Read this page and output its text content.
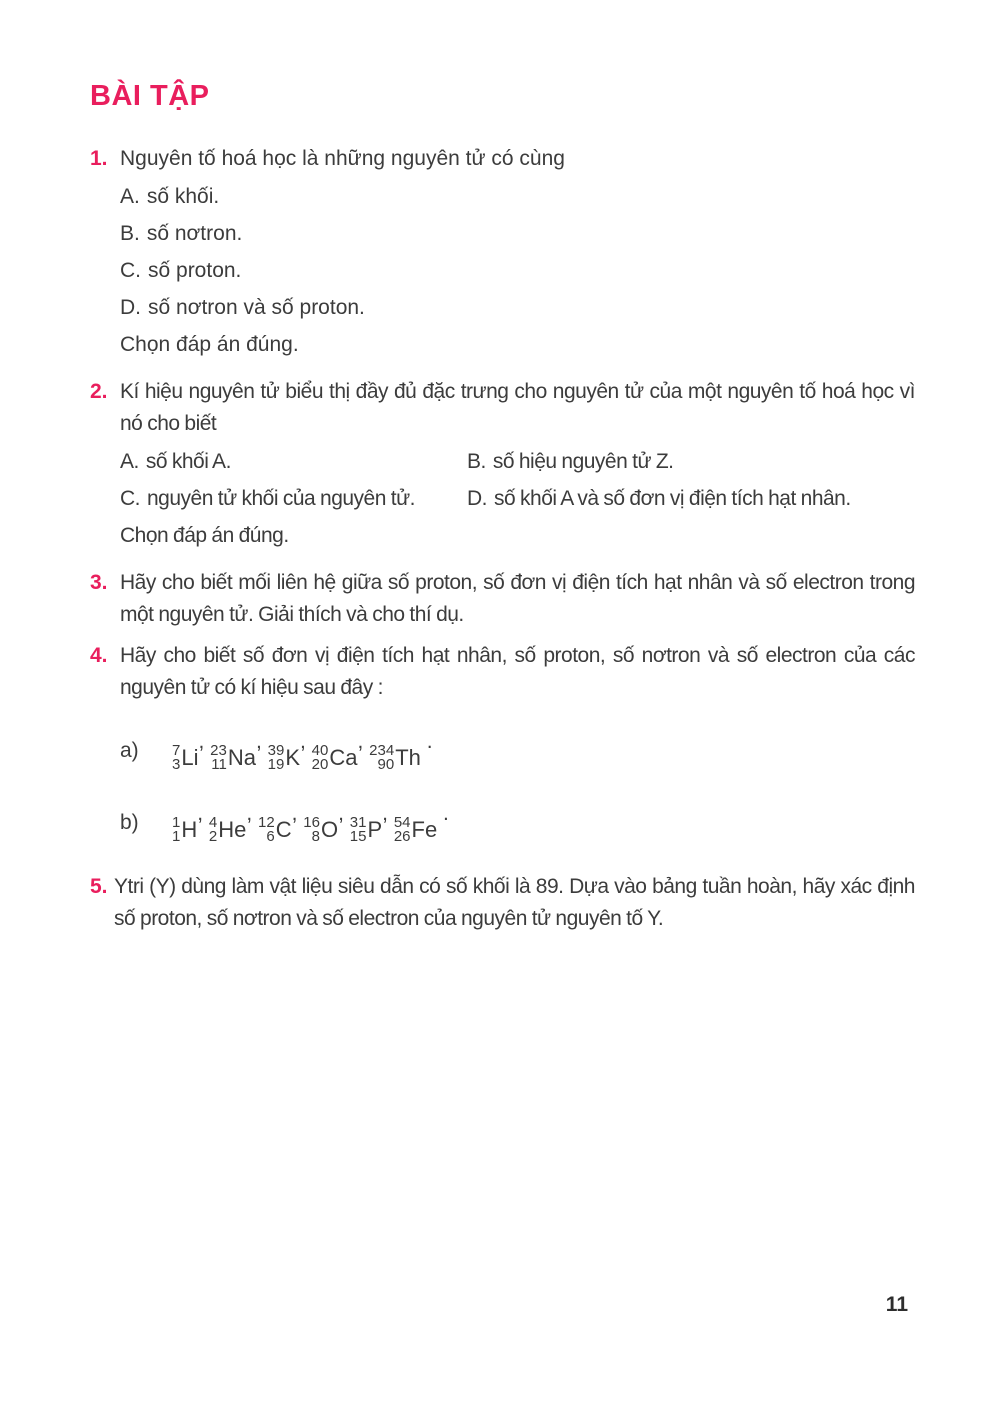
BÀI TẬP
1. Nguyên tố hoá học là những nguyên tử có cùng

A. số khối.

B. số nơtron.

C. số proton.

D. số nơtron và số proton.

Chọn đáp án đúng.

2. Kí hiệu nguyên tử biểu thị đầy đủ đặc trưng cho nguyên tử của một nguyên tố hoá học vì nó cho biết

A. số khối A.	B. số hiệu nguyên tử Z.

C. nguyên tử khối của nguyên tử.	D. số khối A và số đơn vị điện tích hạt nhân.

Chọn đáp án đúng.

3. Hãy cho biết mối liên hệ giữa số proton, số đơn vị điện tích hạt nhân và số electron trong một nguyên tử. Giải thích và cho thí dụ.

4. Hãy cho biết số đơn vị điện tích hạt nhân, số proton, số nơtron và số electron của các nguyên tử có kí hiệu sau đây :

a)	7
3 Li
, 23
11 Na
, 39
19 K
, 40
20 Ca
, 234
90 Th
.
b)	1
1 H
, 4
2 He
, 12
6 C
, 16
8 O
, 31
15 P
, 54
26 Fe
.
5. Ytri (Y) dùng làm vật liệu siêu dẫn có số khối là 89. Dựa vào bảng tuần hoàn, hãy xác định số proton, số nơtron và số electron của nguyên tử nguyên tố Y.

11
